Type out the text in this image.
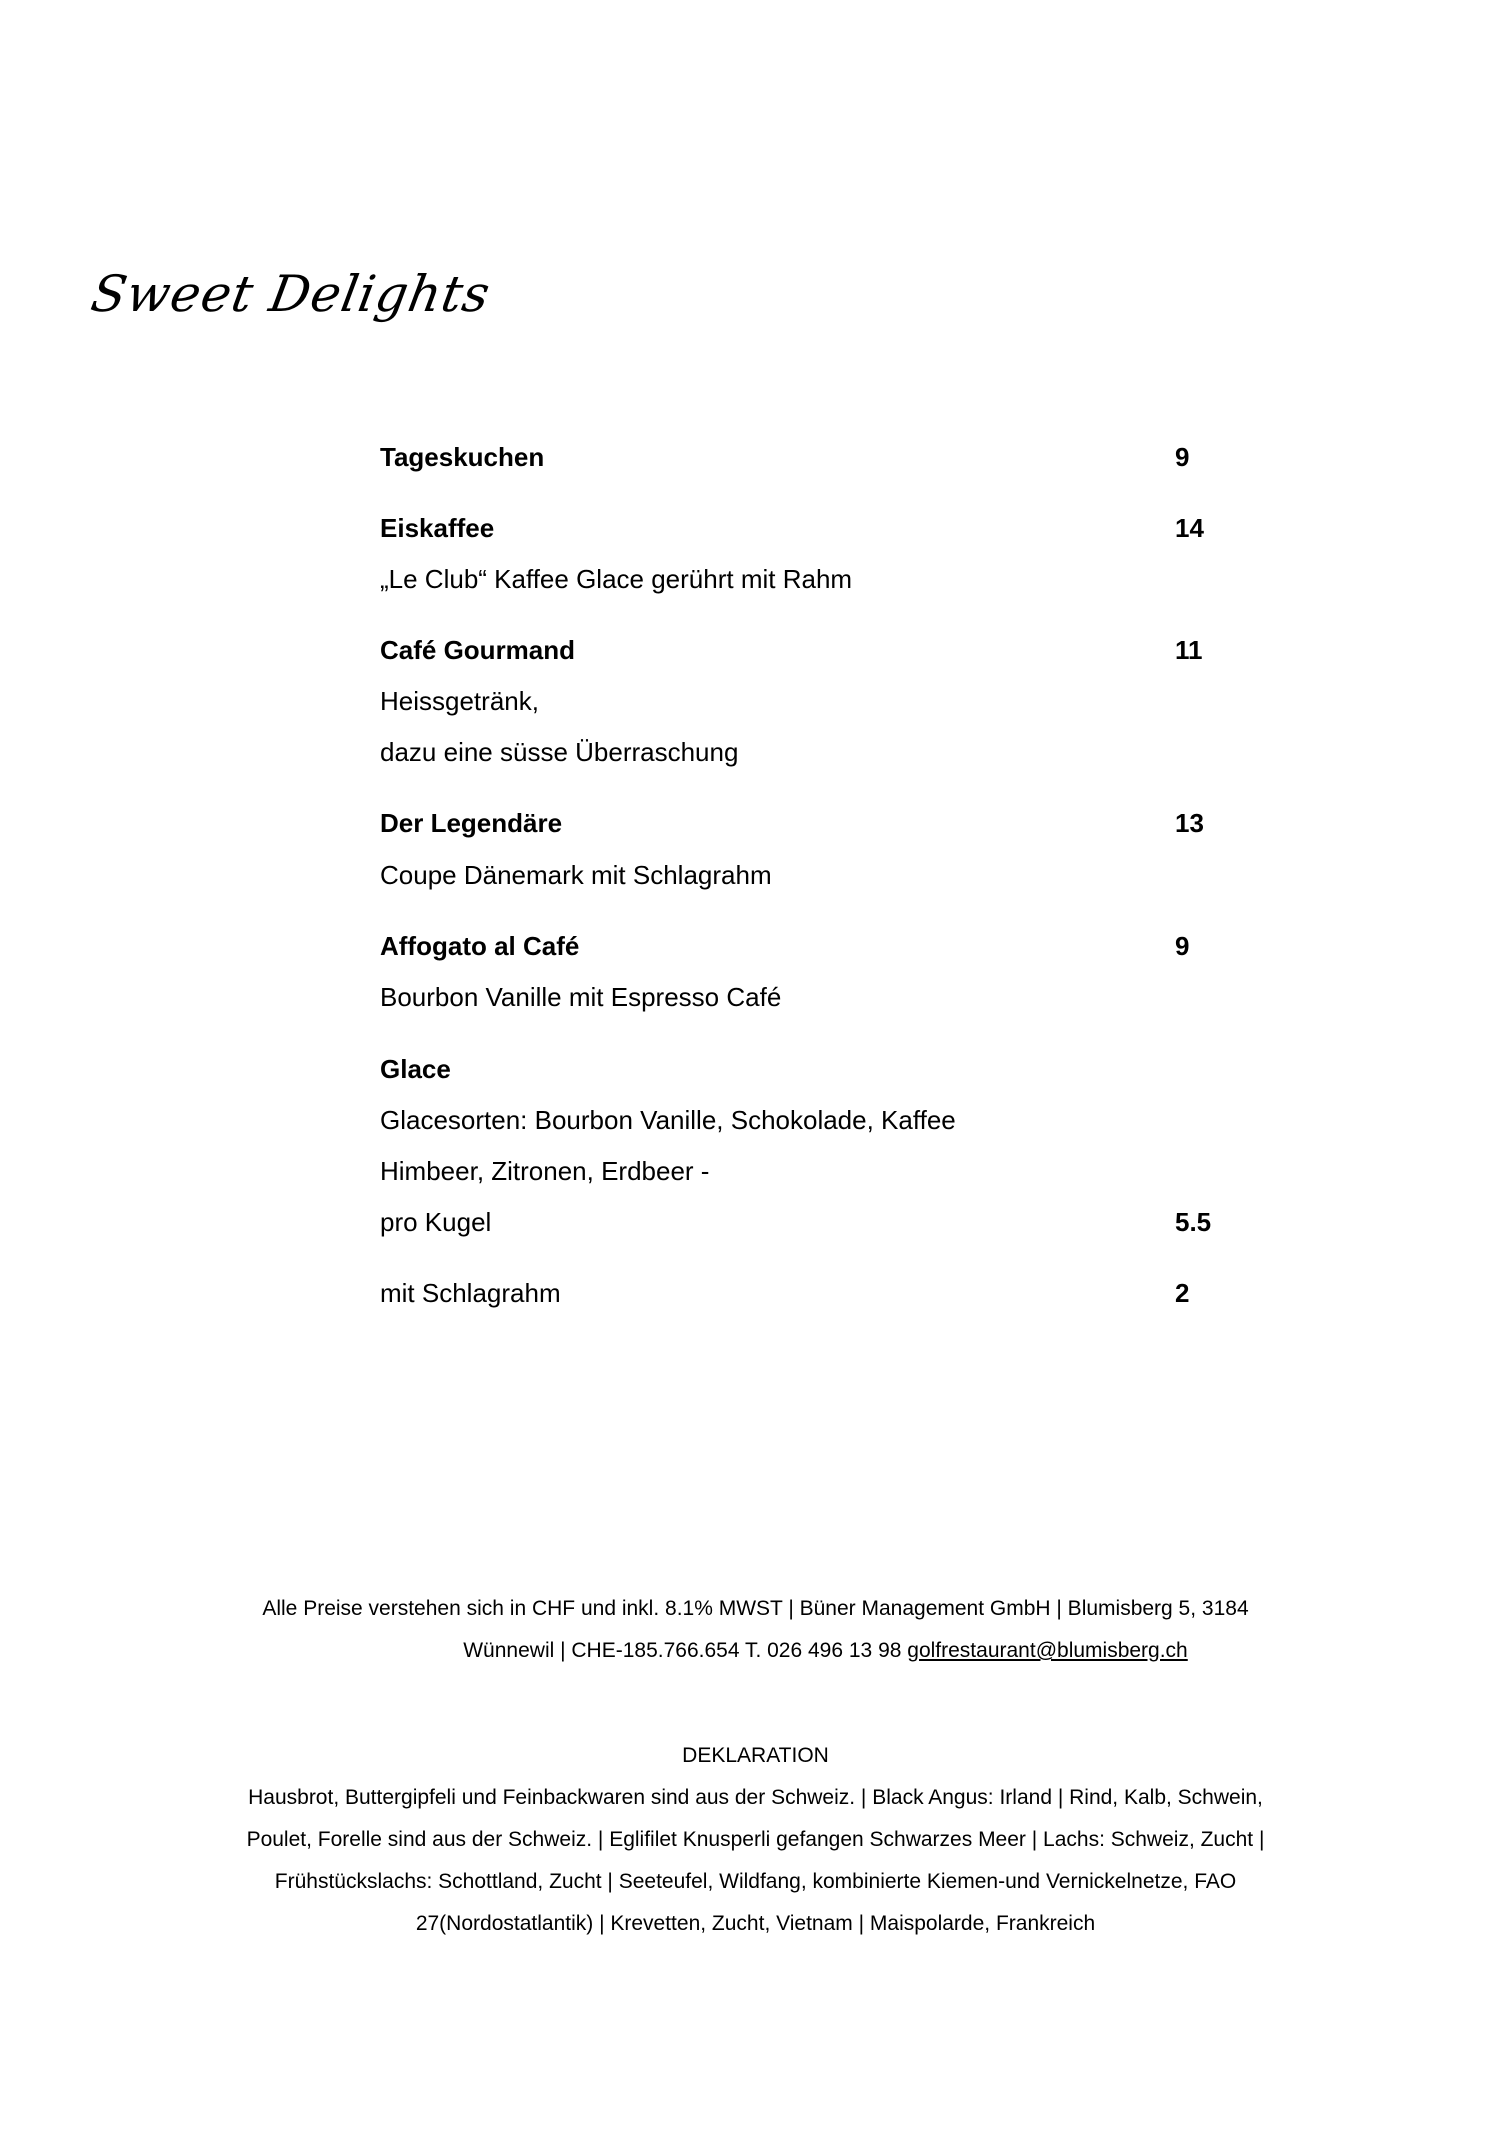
Sweet Delights
Tageskuchen	9
Eiskaffee	14
„Le Club“ Kaffee Glace gerührt mit Rahm
Café Gourmand	11
Heissgetränk,
dazu eine süsse Überraschung
Der Legendäre	13
Coupe Dänemark mit Schlagrahm
Affogato al Café	9
Bourbon Vanille mit Espresso Café
Glace
Glacesorten: Bourbon Vanille, Schokolade, Kaffee
Himbeer, Zitronen, Erdbeer -
pro Kugel	5.5
mit Schlagrahm	2
Alle Preise verstehen sich in CHF und inkl. 8.1% MWST | Büner Management GmbH | Blumisberg 5, 3184
Wünnewil | CHE-185.766.654 T. 026 496 13 98 golfrestaurant@blumisberg.ch
DEKLARATION
Hausbrot, Buttergipfeli und Feinbackwaren sind aus der Schweiz. | Black Angus: Irland | Rind, Kalb, Schwein,
Poulet, Forelle sind aus der Schweiz. | Eglifilet Knusperli gefangen Schwarzes Meer | Lachs: Schweiz, Zucht |
Frühstückslachs: Schottland, Zucht | Seeteufel, Wildfang, kombinierte Kiemen-und Vernickelnetze, FAO
27(Nordostatlantik) | Krevetten, Zucht, Vietnam | Maispolarde, Frankreich
